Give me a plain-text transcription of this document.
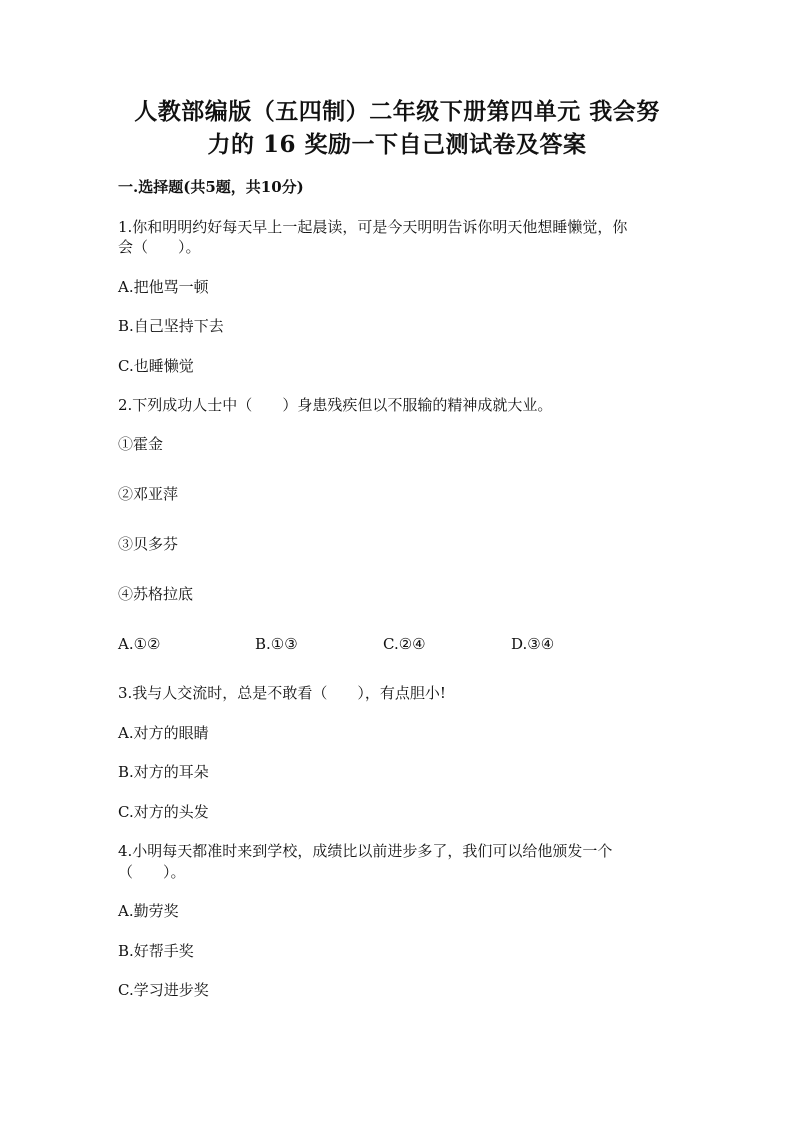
人教部编版（五四制）二年级下册第四单元 我会努
力的 16 奖励一下自己测试卷及答案
一.选择题(共5题，共10分)
1.你和明明约好每天早上一起晨读，可是今天明明告诉你明天他想睡懒觉，你
会（　　）。
A.把他骂一顿
B.自己坚持下去
C.也睡懒觉
2.下列成功人士中（　　）身患残疾但以不服输的精神成就大业。
①霍金
②邓亚萍
③贝多芬
④苏格拉底
A.①②	B.①③	C.②④	D.③④
3.我与人交流时，总是不敢看（　　），有点胆小!
A.对方的眼睛
B.对方的耳朵
C.对方的头发
4.小明每天都准时来到学校，成绩比以前进步多了，我们可以给他颁发一个
（　　）。
A.勤劳奖
B.好帮手奖
C.学习进步奖
